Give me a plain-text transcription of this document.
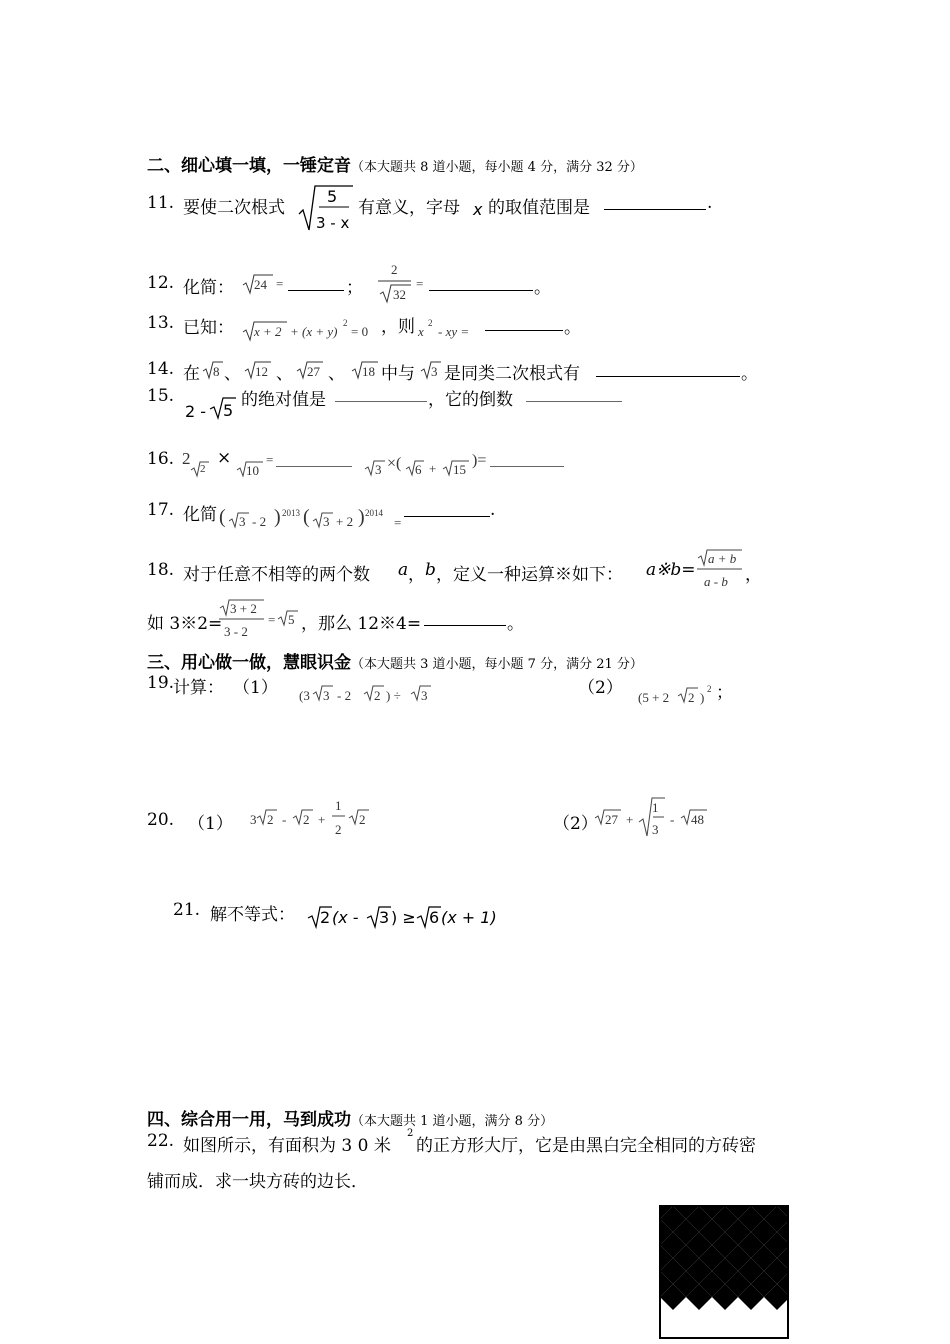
二、细心填一填，一锤定音（本大题共 8 道小题，每小题 4 分，满分 32 分）
11. 要使二次根式
5
3 - x
有意义，字母 x 的取值范围是	.
12. 化简： 24 =	；
2
32
=	。
13. 已知： x + 2 + (x + y)
2
= 0 ，则 x
2
- xy =	。
14. 在 8 、 12 、 27 、 18 中与 3 是同类二次根式有	。
15.
2 - 5
的绝对值是	，它的倒数
16. 2
2
×
10
=
3 ×( 6 + 15
)=
17. 化简 ( 3 - 2 ) 2013 ( 3 + 2 ) 2014
=
.
18. 对于任意不相等的两个数 a ， b ，定义一种运算※如下： a※b=
a + b
a - b ，
如 3※2=
3 + 2
3 - 2
= 5 ，那么 12※4=	。
三、用心做一做，慧眼识金（本大题共 3 道小题，每小题 7 分，满分 21 分）
19.
计算： （1） (3 3 - 2 2 ) ÷ 3	（2） (5 + 2 2 )
2 ；
20. （1） 3 2 - 2 +
1
2
2	（2） 27 +
1
3
- 48
21. 解不等式： 2 (x - 3 ) ≥ 6 (x + 1)
四、综合用一用，马到成功（本大题共 1 道小题，满分 8 分）
22. 如图所示，有面积为 3 0 米
2
的正方形大厅，它是由黑白完全相同的方砖密
铺而成．求一块方砖的边长．
